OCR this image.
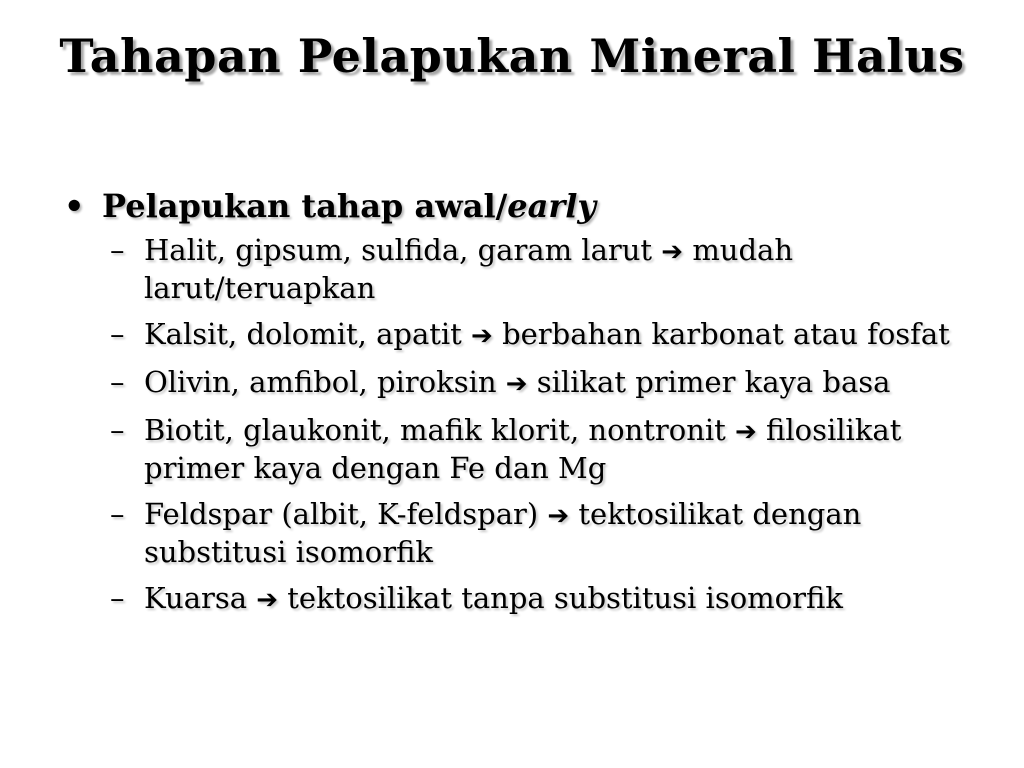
Tahapan Pelapukan Mineral Halus
• Pelapukan tahap awal/early
– Halit, gipsum, sulfida, garam larut ➔ mudah larut/teruapkan
– Kalsit, dolomit, apatit ➔ berbahan karbonat atau fosfat
– Olivin, amfibol, piroksin ➔ silikat primer kaya basa
– Biotit, glaukonit, mafik klorit, nontronit ➔ filosilikat primer kaya dengan Fe dan Mg
– Feldspar (albit, K-feldspar) ➔ tektosilikat dengan substitusi isomorfik
– Kuarsa ➔ tektosilikat tanpa substitusi isomorfik
